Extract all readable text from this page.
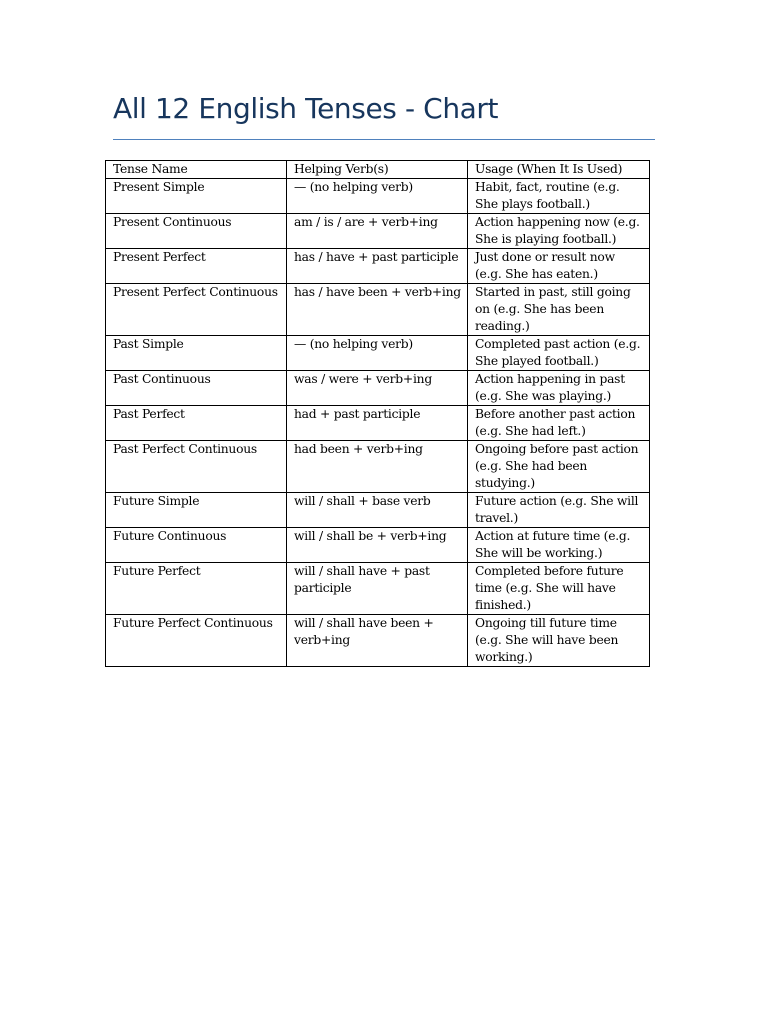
All 12 English Tenses - Chart
Tense Name	Helping Verb(s)	Usage (When It Is Used)
Present Simple	— (no helping verb)	Habit, fact, routine (e.g. She plays football.)
Present Continuous	am / is / are + verb+ing	Action happening now (e.g. She is playing football.)
Present Perfect	has / have + past participle	Just done or result now (e.g. She has eaten.)
Present Perfect Continuous	has / have been + verb+ing	Started in past, still going on (e.g. She has been reading.)
Past Simple	— (no helping verb)	Completed past action (e.g. She played football.)
Past Continuous	was / were + verb+ing	Action happening in past (e.g. She was playing.)
Past Perfect	had + past participle	Before another past action (e.g. She had left.)
Past Perfect Continuous	had been + verb+ing	Ongoing before past action (e.g. She had been studying.)
Future Simple	will / shall + base verb	Future action (e.g. She will travel.)
Future Continuous	will / shall be + verb+ing	Action at future time (e.g. She will be working.)
Future Perfect	will / shall have + past participle	Completed before future time (e.g. She will have finished.)
Future Perfect Continuous	will / shall have been + verb+ing	Ongoing till future time (e.g. She will have been working.)
